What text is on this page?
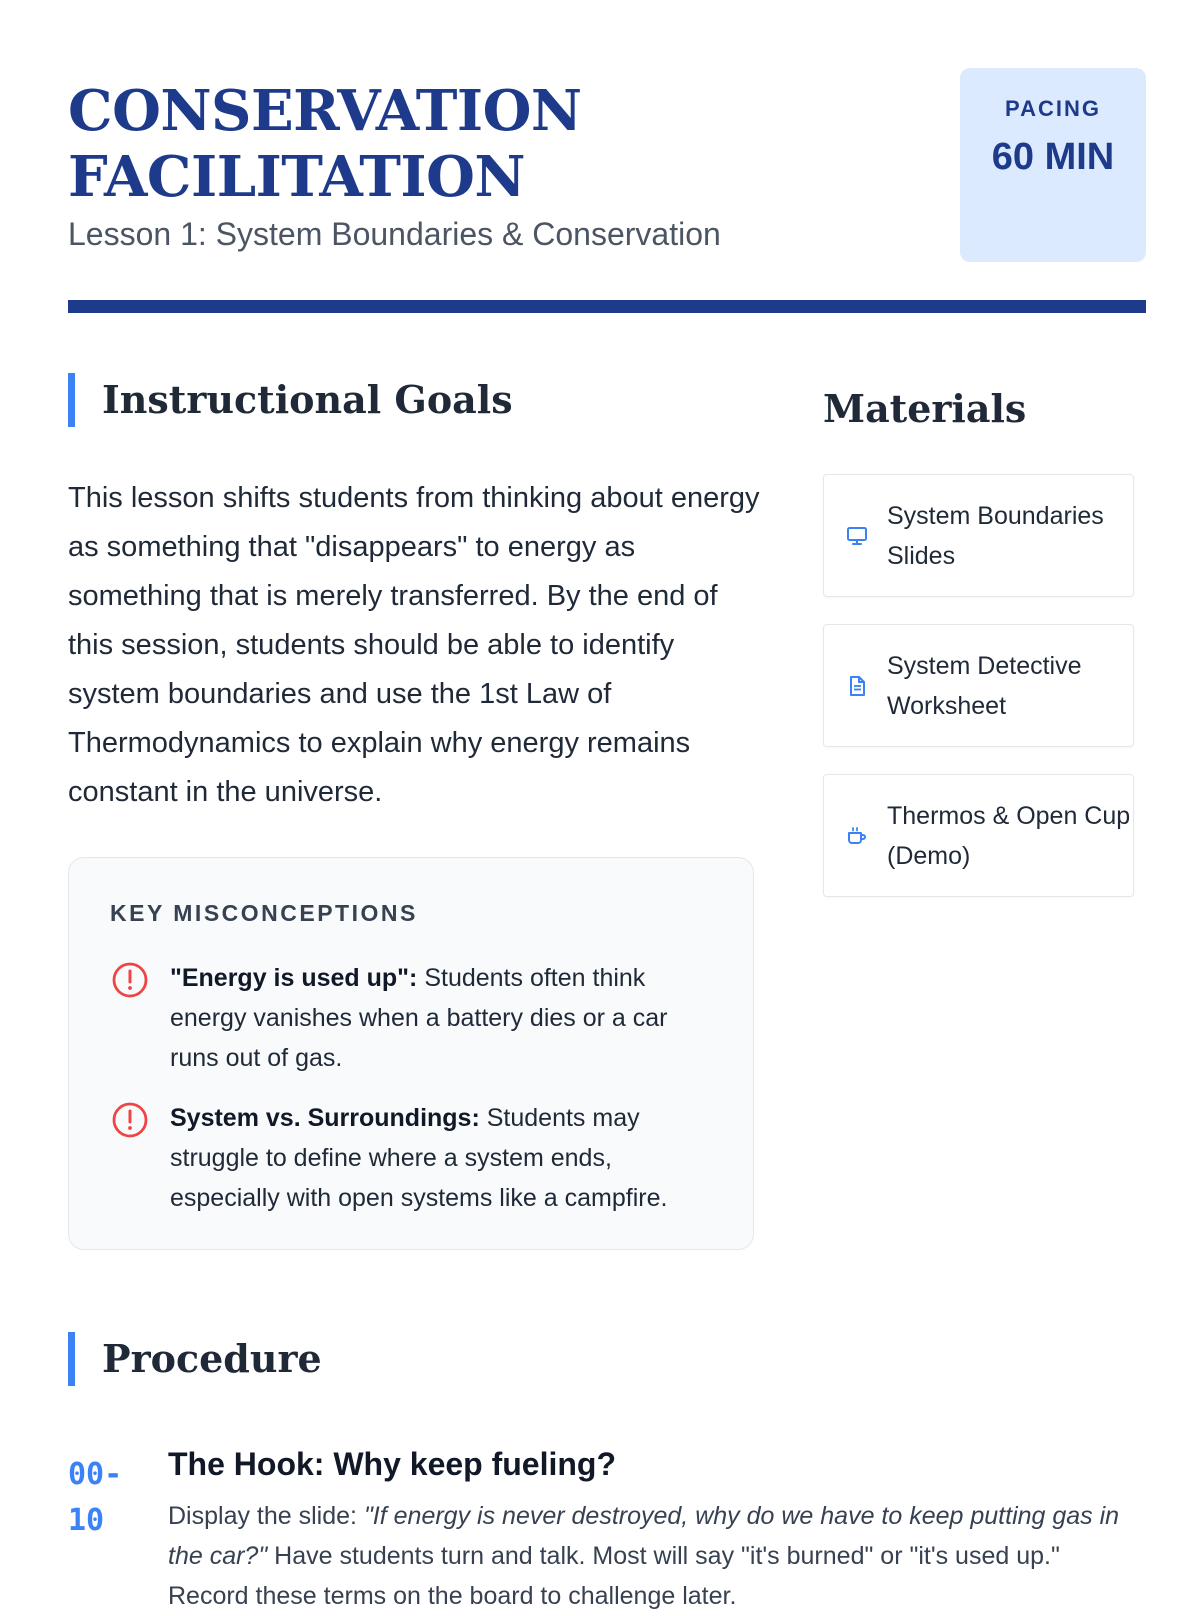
CONSERVATION
FACILITATION
Lesson 1: System Boundaries & Conservation
PACING
60 MIN
Instructional Goals
This lesson shifts students from thinking about energy as something that "disappears" to energy as something that is merely transferred. By the end of this session, students should be able to identify system boundaries and use the 1st Law of Thermodynamics to explain why energy remains constant in the universe.
KEY MISCONCEPTIONS
"Energy is used up": Students often think energy vanishes when a battery dies or a car runs out of gas.
System vs. Surroundings: Students may struggle to define where a system ends, especially with open systems like a campfire.
Materials
System Boundaries Slides
System Detective Worksheet
Thermos & Open Cup (Demo)
Procedure
00-10
The Hook: Why keep fueling?
Display the slide: "If energy is never destroyed, why do we have to keep putting gas in the car?" Have students turn and talk. Most will say "it's burned" or "it's used up." Record these terms on the board to challenge later.
